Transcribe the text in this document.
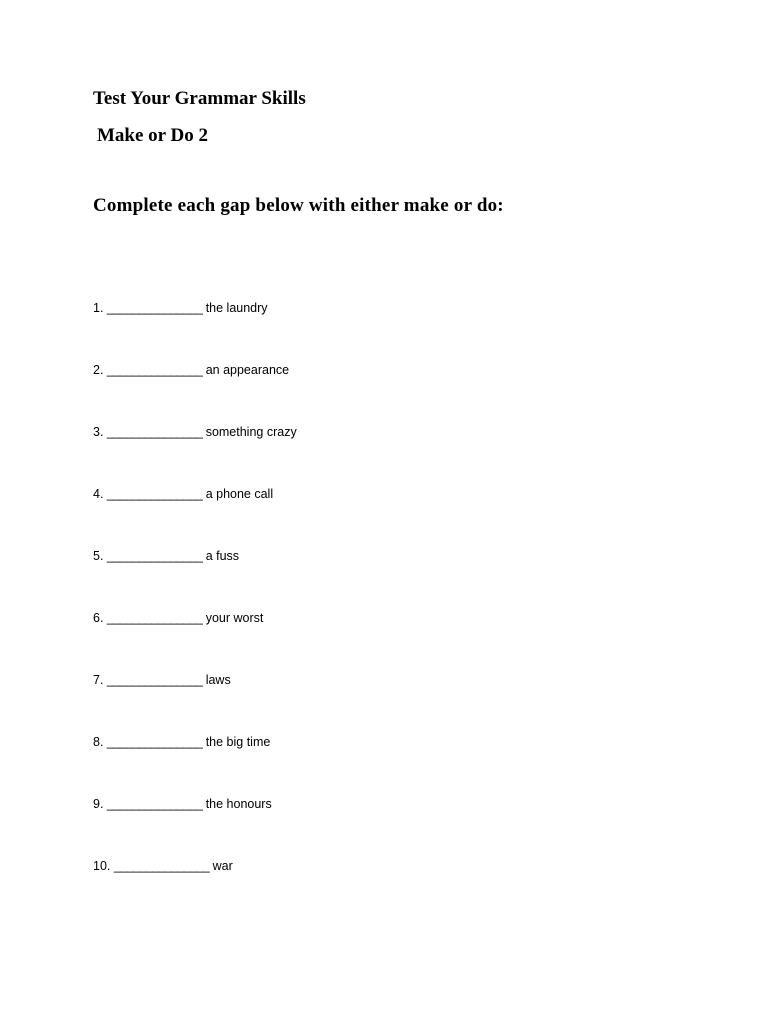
Test Your Grammar Skills
Make or Do 2
Complete each gap below with either make or do:
1. _______________ the laundry
2. _______________ an appearance
3. _______________ something crazy
4. _______________ a phone call
5. _______________ a fuss
6. _______________ your worst
7. _______________ laws
8. _______________ the big time
9. _______________ the honours
10. _______________ war
